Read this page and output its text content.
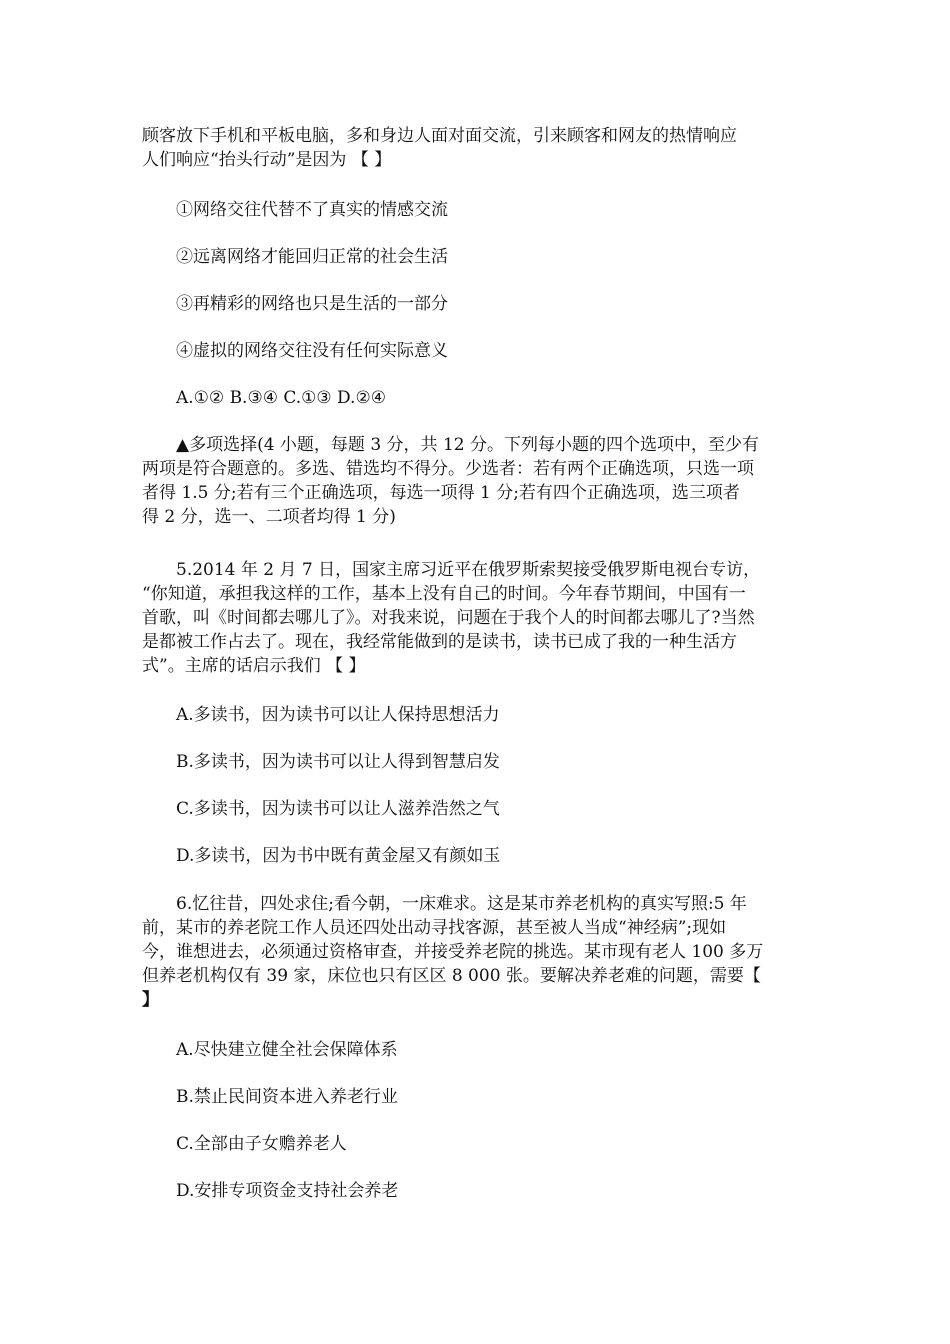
顾客放下手机和平板电脑，多和身边人面对面交流，引来顾客和网友的热情响应
人们响应“抬头行动”是因为 【 】
①网络交往代替不了真实的情感交流
②远离网络才能回归正常的社会生活
③再精彩的网络也只是生活的一部分
④虚拟的网络交往没有任何实际意义
A.①② B.③④ C.①③ D.②④
▲多项选择(4 小题，每题 3 分，共 12 分。下列每小题的四个选项中，至少有
两项是符合题意的。多选、错选均不得分。少选者：若有两个正确选项，只选一项
者得 1.5 分;若有三个正确选项，每选一项得 1 分;若有四个正确选项，选三项者
得 2 分，选一、二项者均得 1 分)
5.2014 年 2 月 7 日，国家主席习近平在俄罗斯索契接受俄罗斯电视台专访，
“你知道，承担我这样的工作，基本上没有自己的时间。今年春节期间，中国有一
首歌，叫《时间都去哪儿了》。对我来说，问题在于我个人的时间都去哪儿了?当然
是都被工作占去了。现在，我经常能做到的是读书，读书已成了我的一种生活方
式”。主席的话启示我们 【 】
A.多读书，因为读书可以让人保持思想活力
B.多读书，因为读书可以让人得到智慧启发
C.多读书，因为读书可以让人滋养浩然之气
D.多读书，因为书中既有黄金屋又有颜如玉
6.忆往昔，四处求住;看今朝，一床难求。这是某市养老机构的真实写照:5 年
前，某市的养老院工作人员还四处出动寻找客源，甚至被人当成“神经病”;现如
今，谁想进去，必须通过资格审查，并接受养老院的挑选。某市现有老人 100 多万
但养老机构仅有 39 家，床位也只有区区 8 000 张。要解决养老难的问题，需要【
】
A.尽快建立健全社会保障体系
B.禁止民间资本进入养老行业
C.全部由子女赡养老人
D.安排专项资金支持社会养老
